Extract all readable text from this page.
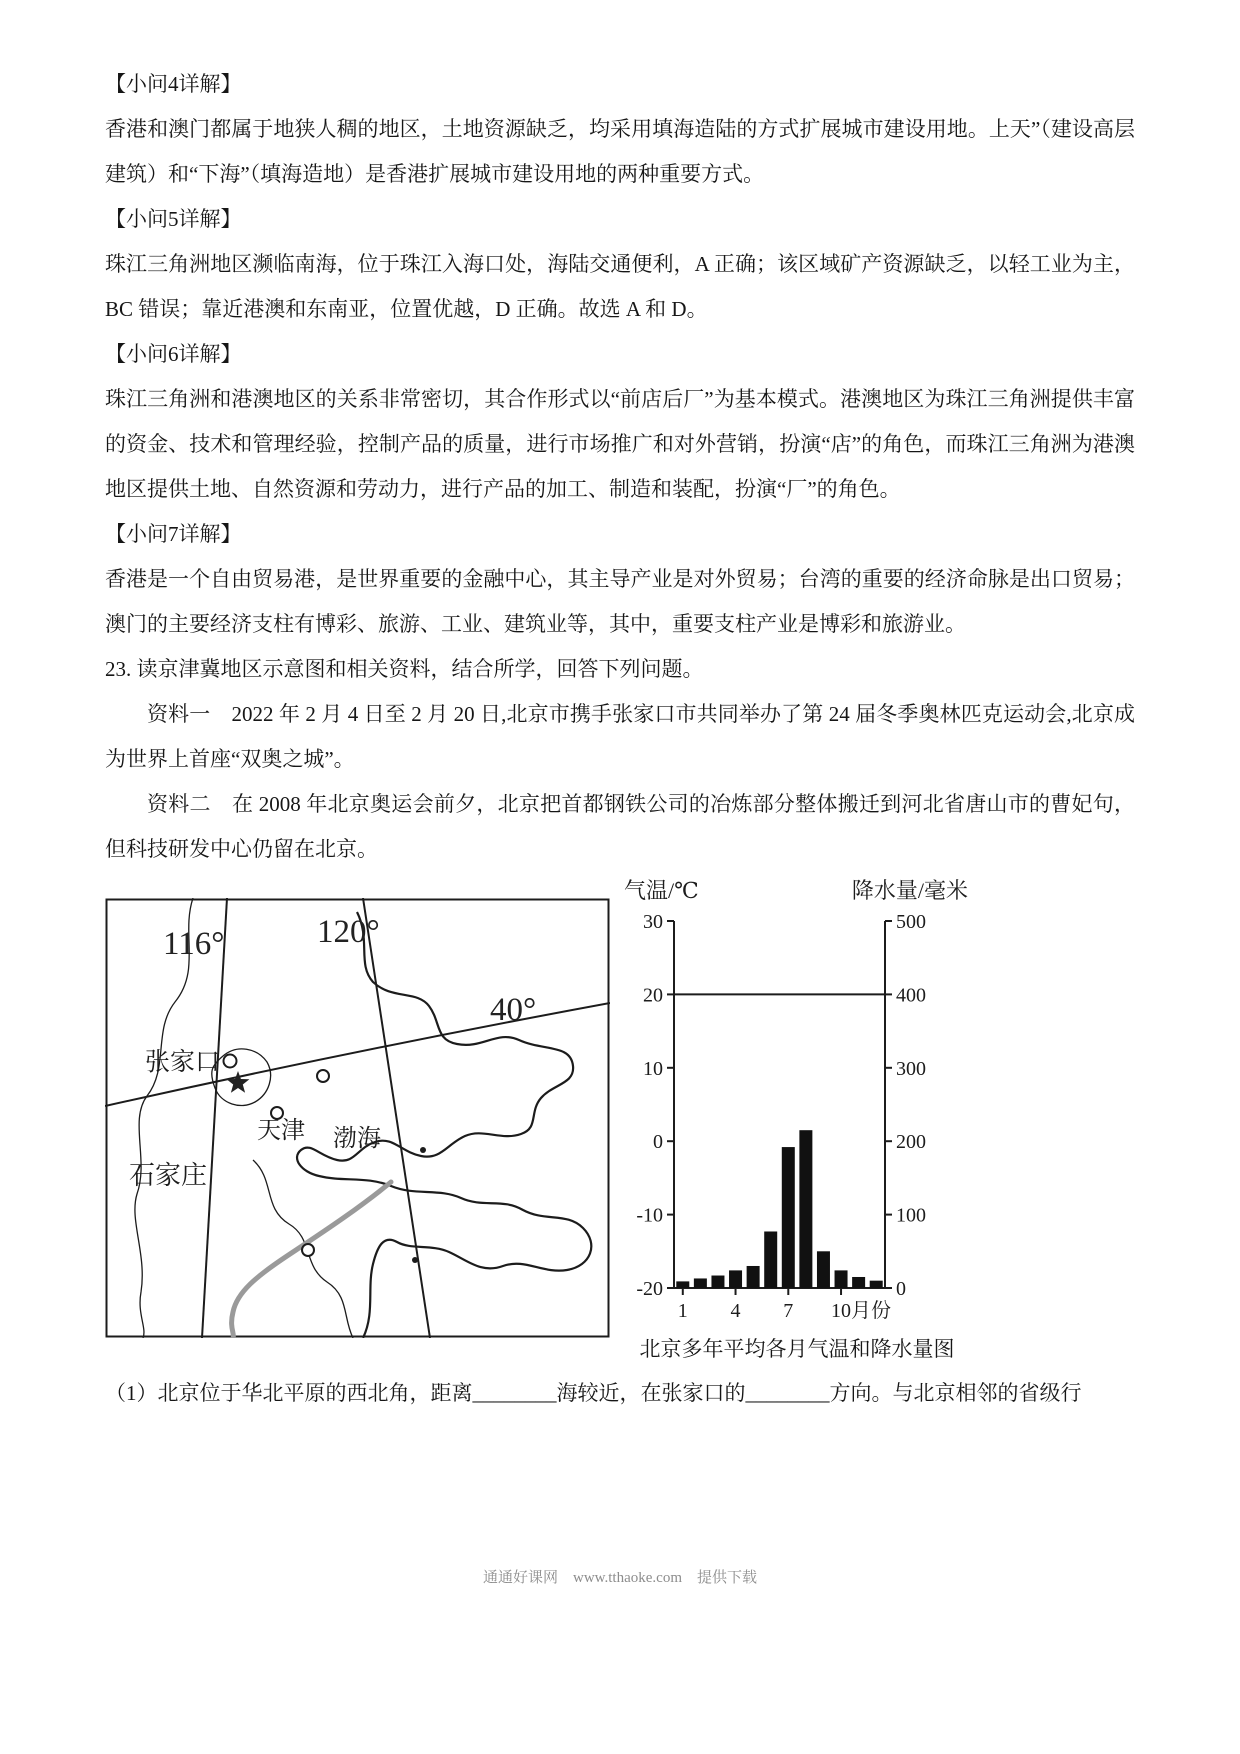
【小问4详解】

香港和澳门都属于地狭人稠的地区，土地资源缺乏，均采用填海造陆的方式扩展城市建设用地。上天”（建设高层建筑）和“下海”（填海造地）是香港扩展城市建设用地的两种重要方式。

【小问5详解】

珠江三角洲地区濒临南海，位于珠江入海口处，海陆交通便利，A 正确；该区域矿产资源缺乏，以轻工业为主，BC 错误；靠近港澳和东南亚，位置优越，D 正确。故选 A 和 D。

【小问6详解】

珠江三角洲和港澳地区的关系非常密切，其合作形式以“前店后厂”为基本模式。港澳地区为珠江三角洲提供丰富的资金、技术和管理经验，控制产品的质量，进行市场推广和对外营销，扮演“店”的角色，而珠江三角洲为港澳地区提供土地、自然资源和劳动力，进行产品的加工、制造和装配，扮演“厂”的角色。

【小问7详解】

香港是一个自由贸易港，是世界重要的金融中心，其主导产业是对外贸易；台湾的重要的经济命脉是出口贸易；澳门的主要经济支柱有博彩、旅游、工业、建筑业等，其中，重要支柱产业是博彩和旅游业。

23. 读京津冀地区示意图和相关资料，结合所学，回答下列问题。

资料一　2022 年 2 月 4 日至 2 月 20 日,北京市携手张家口市共同举办了第 24 届冬季奥林匹克运动会,北京成为世界上首座“双奥之城”。

资料二　在 2008 年北京奥运会前夕，北京把首都钢铁公司的冶炼部分整体搬迁到河北省唐山市的曹妃句，但科技研发中心仍留在北京。

116°	120°
40°
张家口
天津 渤海
石家庄
气温/℃	降水量/毫米
30
20
10
0
-10
-20
500
400
300
200
100
0
1 4 7 10月份
北京多年平均各月气温和降水量图

（1）北京位于华北平原的西北角，距离________海较近，在张家口的________方向。与北京相邻的省级行

通通好课网　www.tthaoke.com　提供下载
